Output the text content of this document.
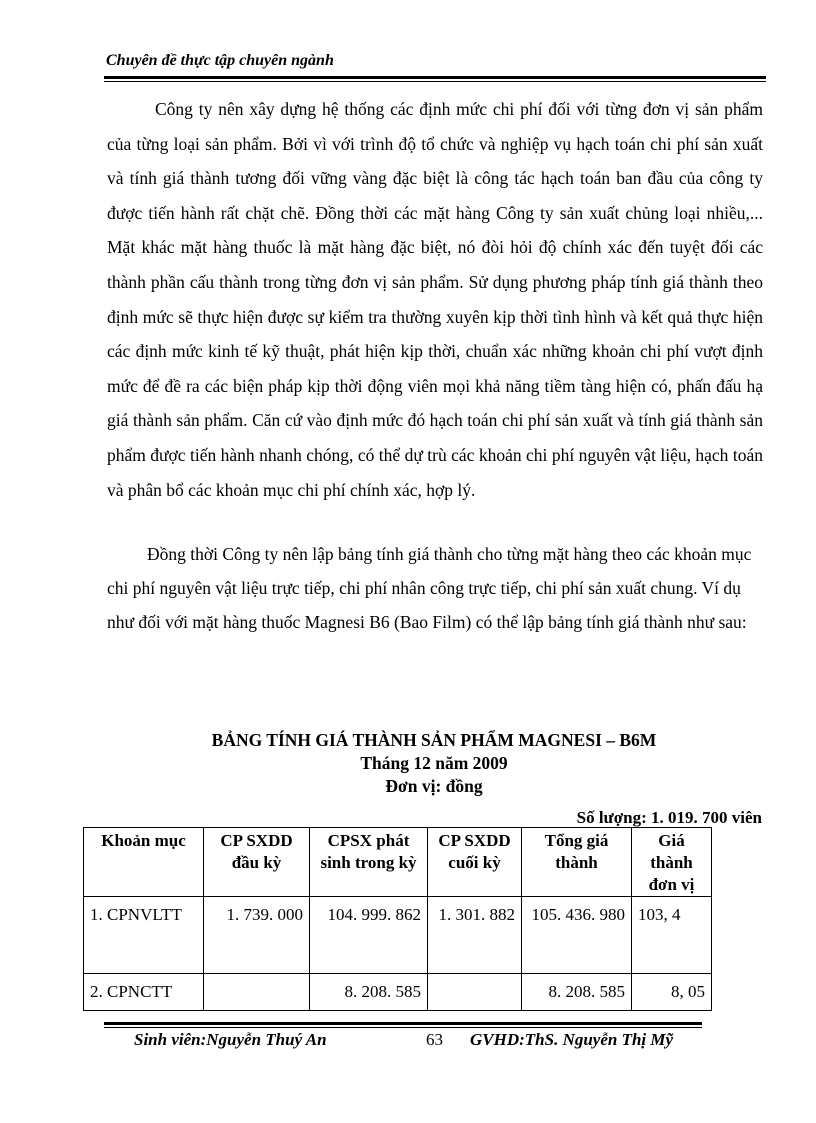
Chuyên đề thực tập chuyên ngành
Công ty nên xây dựng hệ thống các định mức chi phí đối với từng đơn vị sản phẩm của từng loại sản phẩm. Bởi vì với trình độ tổ chức và nghiệp vụ hạch toán chi phí sản xuất và tính giá thành tương đối vững vàng đặc biệt là công tác hạch toán ban đầu của công ty được tiến hành rất chặt chẽ. Đồng thời các mặt hàng Công ty sản xuất chủng loại nhiều,... Mặt khác mặt hàng thuốc là mặt hàng đặc biệt, nó đòi hỏi độ chính xác đến tuyệt đối các thành phần cấu thành trong từng đơn vị sản phẩm. Sử dụng phương pháp tính giá thành theo định mức sẽ thực hiện được sự kiểm tra thường xuyên kịp thời tình hình và kết quả thực hiện các định mức kinh tế kỹ thuật, phát hiện kịp thời, chuẩn xác những khoản chi phí vượt định mức để đề ra các biện pháp kịp thời động viên mọi khả năng tiềm tàng hiện có, phấn đấu hạ giá thành sản phẩm. Căn cứ vào định mức đó hạch toán chi phí sản xuất và tính giá thành sản phẩm được tiến hành nhanh chóng, có thể dự trù các khoản chi phí nguyên vật liệu, hạch toán và phân bổ các khoản mục chi phí chính xác, hợp lý.
Đồng thời Công ty nên lập bảng tính giá thành cho từng mặt hàng theo các khoản mục chi phí nguyên vật liệu trực tiếp, chi phí nhân công trực tiếp, chi phí sản xuất chung. Ví dụ như đối với mặt hàng thuốc Magnesi B6 (Bao Film) có thể lập bảng tính giá thành như sau:
BẢNG TÍNH GIÁ THÀNH SẢN PHẨM MAGNESI – B6M
Tháng 12 năm 2009
Đơn vị: đồng
Số lượng: 1. 019. 700 viên
Khoản mục	CP SXDD đầu kỳ	CPSX phát sinh trong kỳ	CP SXDD cuối kỳ	Tổng giá thành	Giá thành đơn vị
1. CPNVLTT	1. 739. 000	104. 999. 862	1. 301. 882	105. 436. 980	103, 4
2. CPNCTT		8. 208. 585		8. 208. 585	8, 05
Sinh viên:Nguyễn Thuý An	63 GVHD:ThS. Nguyễn Thị Mỹ
